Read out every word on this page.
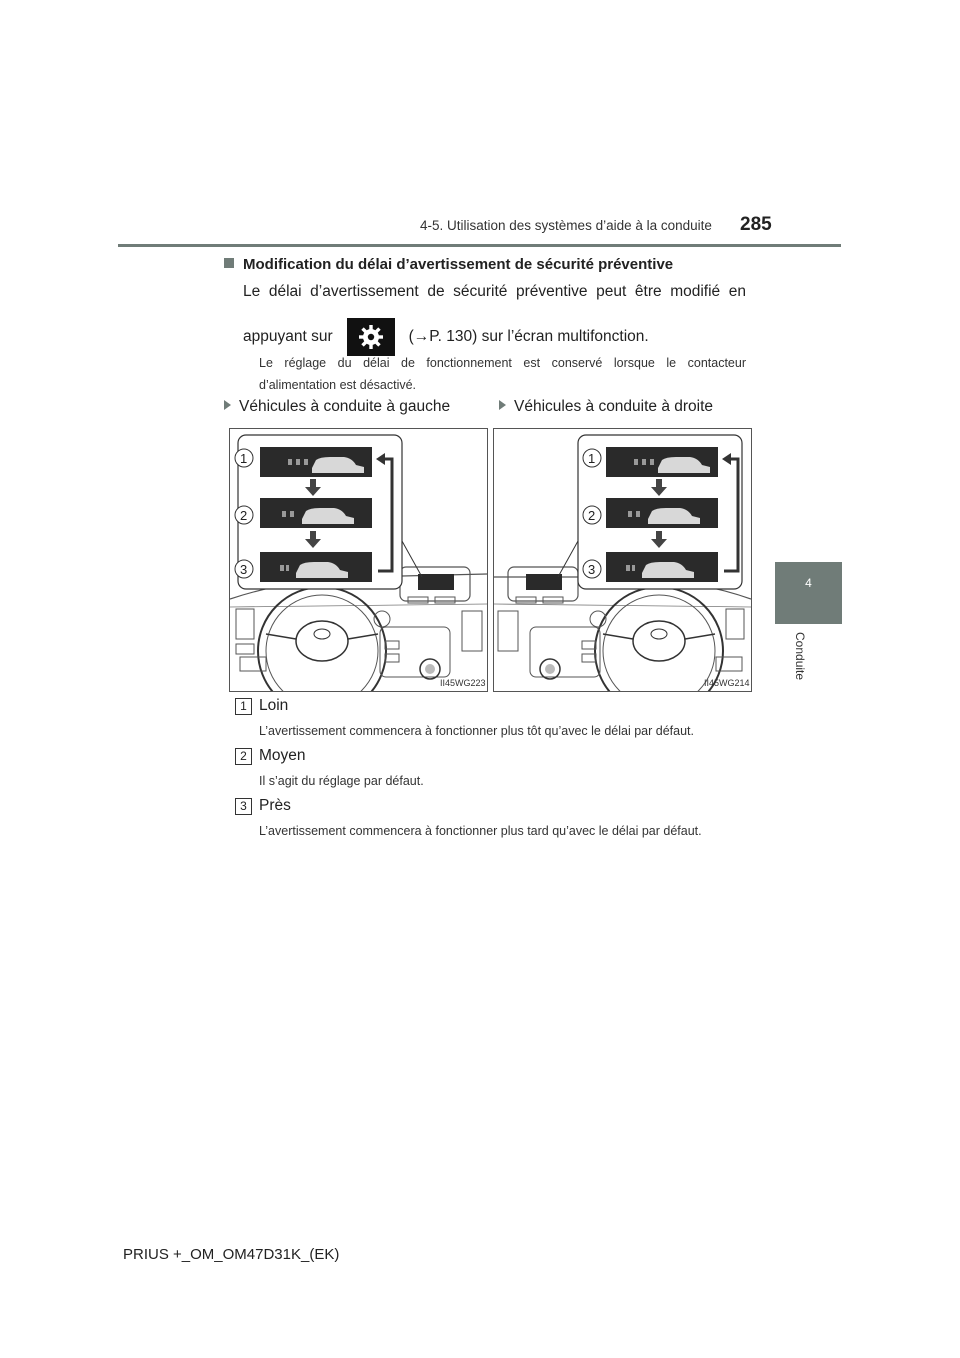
4-5. Utilisation des systèmes d’aide à la conduite 285
4
Conduite
Modification du délai d’avertissement de sécurité préventive
Le délai d’avertissement de sécurité préventive peut être modifié en
appuyant sur	(→P. 130) sur l’écran multifonction.
Le réglage du délai de fonctionnement est conservé lorsque le contacteur d’alimentation est désactivé.
Véhicules à conduite à gauche	Véhicules à conduite à droite
1
2
3
II45WG223
1
2
3
II45WG214
1 Loin
L’avertissement commencera à fonctionner plus tôt qu’avec le délai par défaut.
2 Moyen
Il s’agit du réglage par défaut.
3 Près
L’avertissement commencera à fonctionner plus tard qu’avec le délai par défaut.
PRIUS +_OM_OM47D31K_(EK)
